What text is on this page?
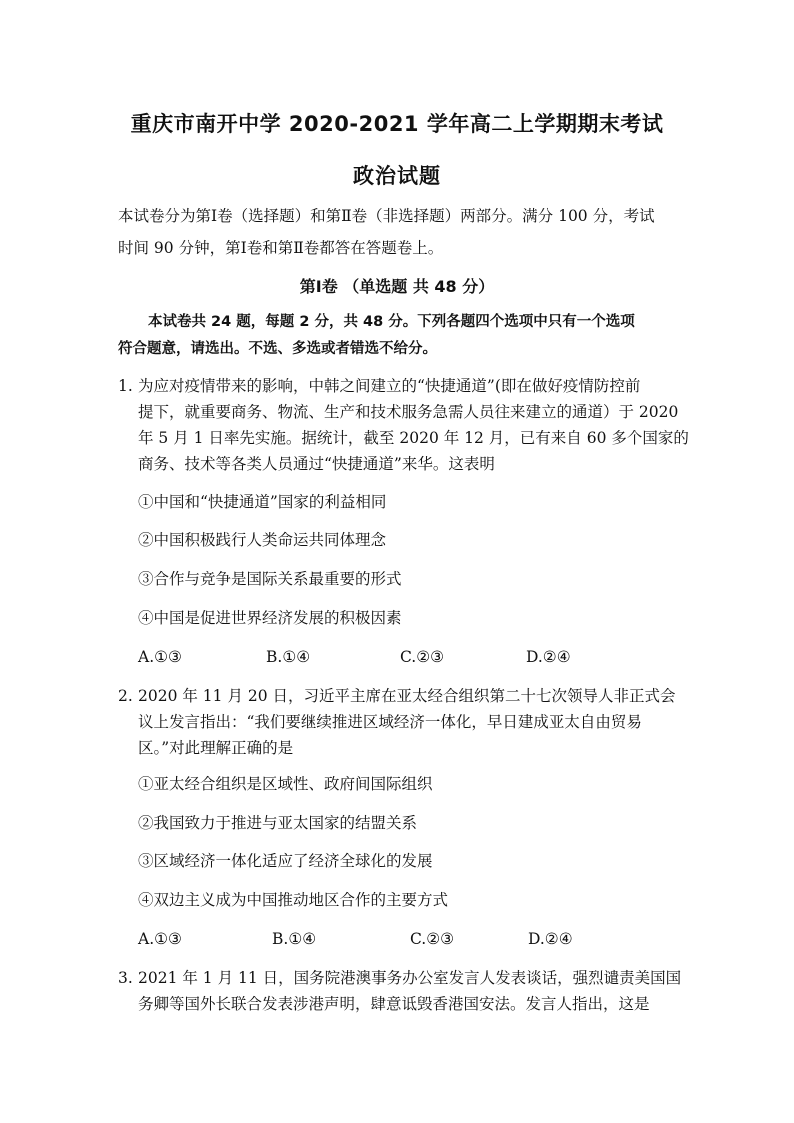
重庆市南开中学 2020-2021 学年高二上学期期末考试
政治试题
本试卷分为第Ⅰ卷（选择题）和第Ⅱ卷（非选择题）两部分。满分 100 分，考试
时间 90 分钟，第Ⅰ卷和第Ⅱ卷都答在答题卷上。
第Ⅰ卷 （单选题 共 48 分）
本试卷共 24 题，每题 2 分，共 48 分。下列各题四个选项中只有一个选项
符合题意，请选出。不选、多选或者错选不给分。
1. 为应对疫情带来的影响，中韩之间建立的“快捷通道”(即在做好疫情防控前
提下，就重要商务、物流、生产和技术服务急需人员往来建立的通道）于 2020
年 5 月 1 日率先实施。据统计，截至 2020 年 12 月，已有来自 60 多个国家的
商务、技术等各类人员通过“快捷通道”来华。这表明
①中国和“快捷通道”国家的利益相同
②中国积极践行人类命运共同体理念
③合作与竞争是国际关系最重要的形式
④中国是促进世界经济发展的积极因素
A.①③	B.①④	C.②③	D.②④
2. 2020 年 11 月 20 日，习近平主席在亚太经合组织第二十七次领导人非正式会
议上发言指出：“我们要继续推进区域经济一体化，早日建成亚太自由贸易
区。”对此理解正确的是
①亚太经合组织是区域性、政府间国际组织
②我国致力于推进与亚太国家的结盟关系
③区域经济一体化适应了经济全球化的发展
④双边主义成为中国推动地区合作的主要方式
A.①③	B.①④	C.②③	D.②④
3. 2021 年 1 月 11 日，国务院港澳事务办公室发言人发表谈话，强烈谴责美国国
务卿等国外长联合发表涉港声明，肆意诋毁香港国安法。发言人指出，这是
